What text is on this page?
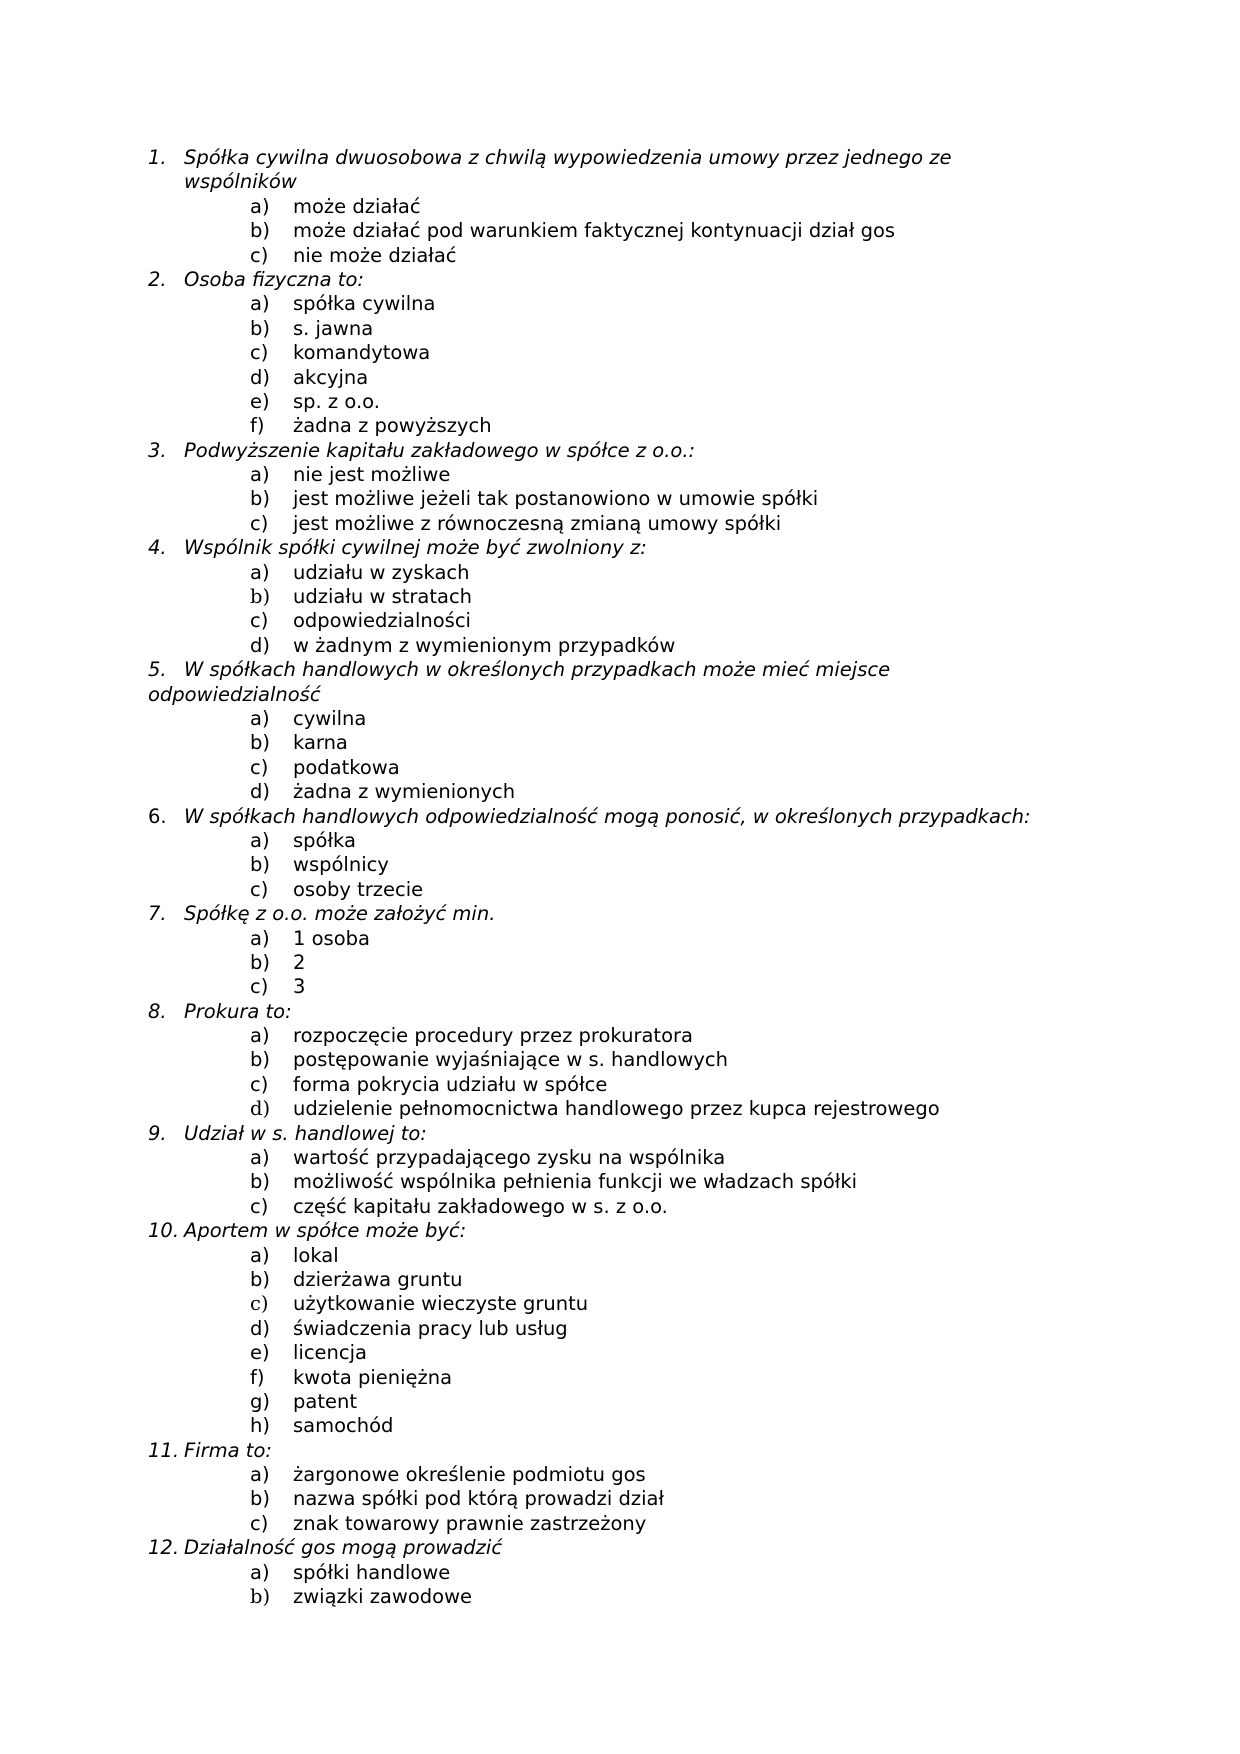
1. Spółka cywilna dwuosobowa z chwilą wypowiedzenia umowy przez jednego ze
wspólników
a) może działać
b) może działać pod warunkiem faktycznej kontynuacji dział gos
c) nie może działać
2. Osoba fizyczna to:
a) spółka cywilna
b) s. jawna
c) komandytowa
d) akcyjna
e) sp. z o.o.
f) żadna z powyższych
3. Podwyższenie kapitału zakładowego w spółce z o.o.:
a) nie jest możliwe
b) jest możliwe jeżeli tak postanowiono w umowie spółki
c) jest możliwe z równoczesną zmianą umowy spółki
4. Wspólnik spółki cywilnej może być zwolniony z:
a) udziału w zyskach
b) udziału w stratach
c) odpowiedzialności
d) w żadnym z wymienionym przypadków
5. W spółkach handlowych w określonych przypadkach może mieć miejsce
odpowiedzialność
a) cywilna
b) karna
c) podatkowa
d) żadna z wymienionych
6. W spółkach handlowych odpowiedzialność mogą ponosić, w określonych przypadkach:
a) spółka
b) wspólnicy
c) osoby trzecie
7. Spółkę z o.o. może założyć min.
a) 1 osoba
b) 2
c) 3
8. Prokura to:
a) rozpoczęcie procedury przez prokuratora
b) postępowanie wyjaśniające w s. handlowych
c) forma pokrycia udziału w spółce
d) udzielenie pełnomocnictwa handlowego przez kupca rejestrowego
9. Udział w s. handlowej to:
a) wartość przypadającego zysku na wspólnika
b) możliwość wspólnika pełnienia funkcji we władzach spółki
c) część kapitału zakładowego w s. z o.o.
10. Aportem w spółce może być:
a) lokal
b) dzierżawa gruntu
c) użytkowanie wieczyste gruntu
d) świadczenia pracy lub usług
e) licencja
f) kwota pieniężna
g) patent
h) samochód
11. Firma to:
a) żargonowe określenie podmiotu gos
b) nazwa spółki pod którą prowadzi dział
c) znak towarowy prawnie zastrzeżony
12. Działalność gos mogą prowadzić
a) spółki handlowe
b) związki zawodowe
